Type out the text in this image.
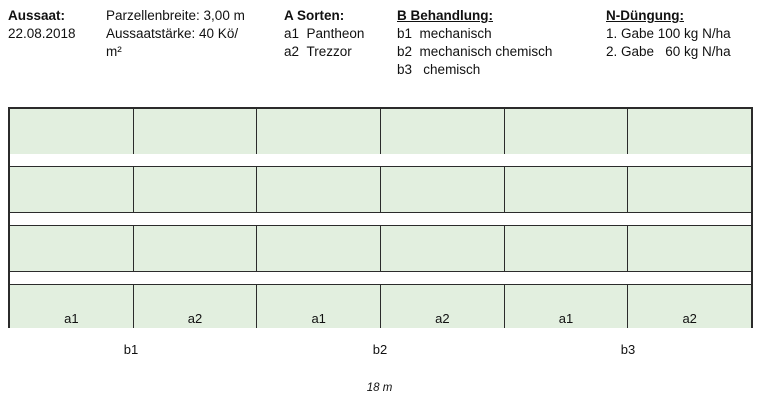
Aussaat:
22.08.2018
Parzellenbreite: 3,00 m
Aussaatstärke: 40 Kö/
m²
A Sorten:
a1 Pantheon
a2 Trezzor
B Behandlung:
b1 mechanisch
b2 mechanisch chemisch
b3 chemisch
N-Düngung:
1. Gabe 100 kg N/ha
2. Gabe   60 kg N/ha
a1	a2	a1	a2	a1	a2
b1	b2	b3
18 m
